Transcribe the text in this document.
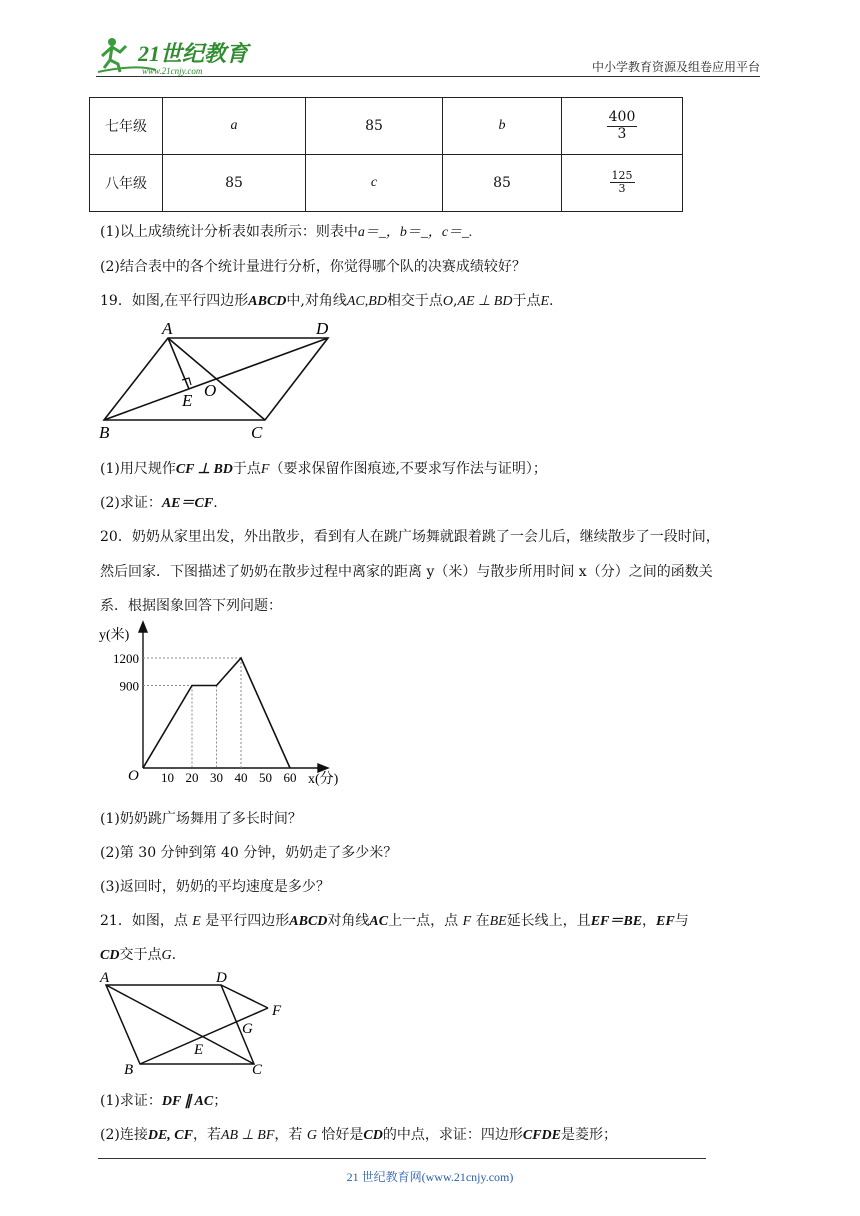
21世纪教育
www.21cnjy.com	中小学教育资源及组卷应用平台
七年级	a	85	b	$\frac{400}{3}$

八年级	85	c	85	$\frac{125}{3}$
(1)以上成绩统计分析表如表所示：则表中a＝_，b＝_，c＝_.
(2)结合表中的各个统计量进行分析，你觉得哪个队的决赛成绩较好？
19．如图,在平行四边形ABCD中,对角线AC,BD相交于点O,AE ⊥ BD于点E.
A	D
B	C
E
O
(1)用尺规作CF ⊥ BD于点F（要求保留作图痕迹,不要求写作法与证明）；
(2)求证：AE＝CF.
20．奶奶从家里出发，外出散步，看到有人在跳广场舞就跟着跳了一会儿后，继续散步了一段时间，
然后回家．下图描述了奶奶在散步过程中离家的距离 y（米）与散步所用时间 x（分）之间的函数关
系．根据图象回答下列问题：
10 20 30 40 50 60
1200
900
y(米)
x(分)
O
(1)奶奶跳广场舞用了多长时间？
(2)第 30 分钟到第 40 分钟，奶奶走了多少米？
(3)返回时，奶奶的平均速度是多少？
21．如图，点 E 是平行四边形ABCD对角线AC上一点，点 F 在BE延长线上，且EF＝BE，EF与
CD交于点G.
A	D
F
G
E
B	C
(1)求证：DF ∥ AC；
(2)连接DE, CF，若AB ⊥ BF，若 G 恰好是CD的中点，求证：四边形CFDE是菱形；
21 世纪教育网(www.21cnjy.com)
